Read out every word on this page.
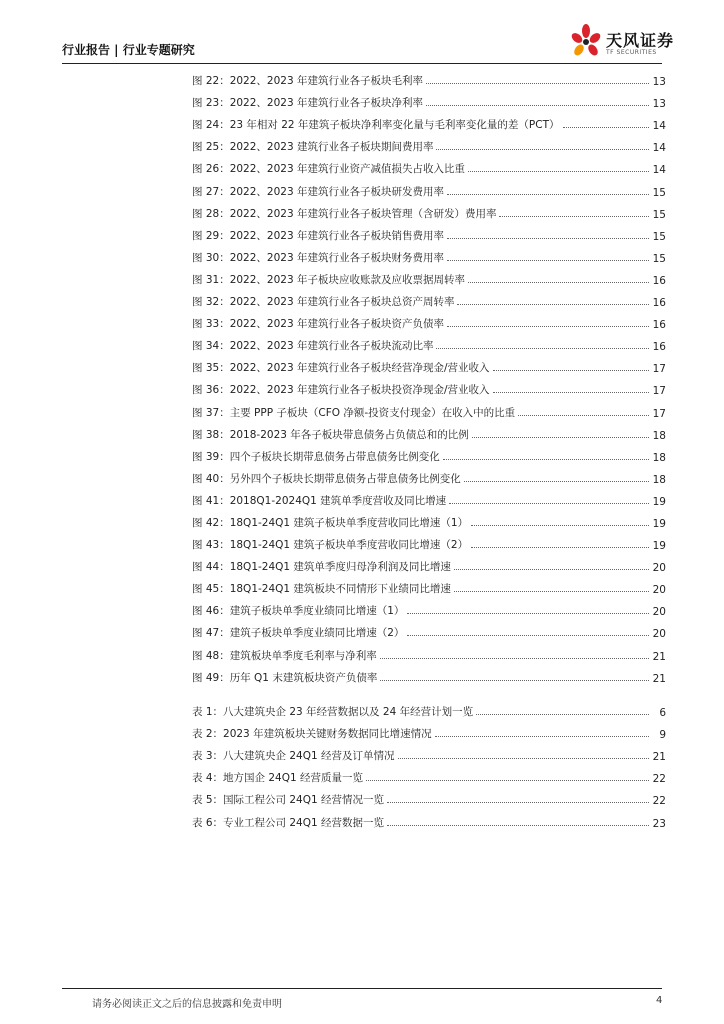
行业报告 | 行业专题研究	天风证券
TF SECURITIES
图 22：2022、2023 年建筑行业各子板块毛利率	13
图 23：2022、2023 年建筑行业各子板块净利率	13
图 24：23 年相对 22 年建筑子板块净利率变化量与毛利率变化量的差（PCT）	14
图 25：2022、2023 建筑行业各子板块期间费用率	14
图 26：2022、2023 年建筑行业资产减值损失占收入比重	14
图 27：2022、2023 年建筑行业各子板块研发费用率	15
图 28：2022、2023 年建筑行业各子板块管理（含研发）费用率	15
图 29：2022、2023 年建筑行业各子板块销售费用率	15
图 30：2022、2023 年建筑行业各子板块财务费用率	15
图 31：2022、2023 年子板块应收账款及应收票据周转率	16
图 32：2022、2023 年建筑行业各子板块总资产周转率	16
图 33：2022、2023 年建筑行业各子板块资产负债率	16
图 34：2022、2023 年建筑行业各子板块流动比率	16
图 35：2022、2023 年建筑行业各子板块经营净现金/营业收入	17
图 36：2022、2023 年建筑行业各子板块投资净现金/营业收入	17
图 37：主要 PPP 子板块（CFO 净额-投资支付现金）在收入中的比重	17
图 38：2018-2023 年各子板块带息债务占负债总和的比例	18
图 39：四个子板块长期带息债务占带息债务比例变化	18
图 40：另外四个子板块长期带息债务占带息债务比例变化	18
图 41：2018Q1-2024Q1 建筑单季度营收及同比增速	19
图 42：18Q1-24Q1 建筑子板块单季度营收同比增速（1）	19
图 43：18Q1-24Q1 建筑子板块单季度营收同比增速（2）	19
图 44：18Q1-24Q1 建筑单季度归母净利润及同比增速	20
图 45：18Q1-24Q1 建筑板块不同情形下业绩同比增速	20
图 46：建筑子板块单季度业绩同比增速（1）	20
图 47：建筑子板块单季度业绩同比增速（2）	20
图 48：建筑板块单季度毛利率与净利率	21
图 49：历年 Q1 末建筑板块资产负债率	21
表 1：八大建筑央企 23 年经营数据以及 24 年经营计划一览	6
表 2：2023 年建筑板块关键财务数据同比增速情况	9
表 3：八大建筑央企 24Q1 经营及订单情况	21
表 4：地方国企 24Q1 经营质量一览	22
表 5：国际工程公司 24Q1 经营情况一览	22
表 6：专业工程公司 24Q1 经营数据一览	23
请务必阅读正文之后的信息披露和免责申明	4
